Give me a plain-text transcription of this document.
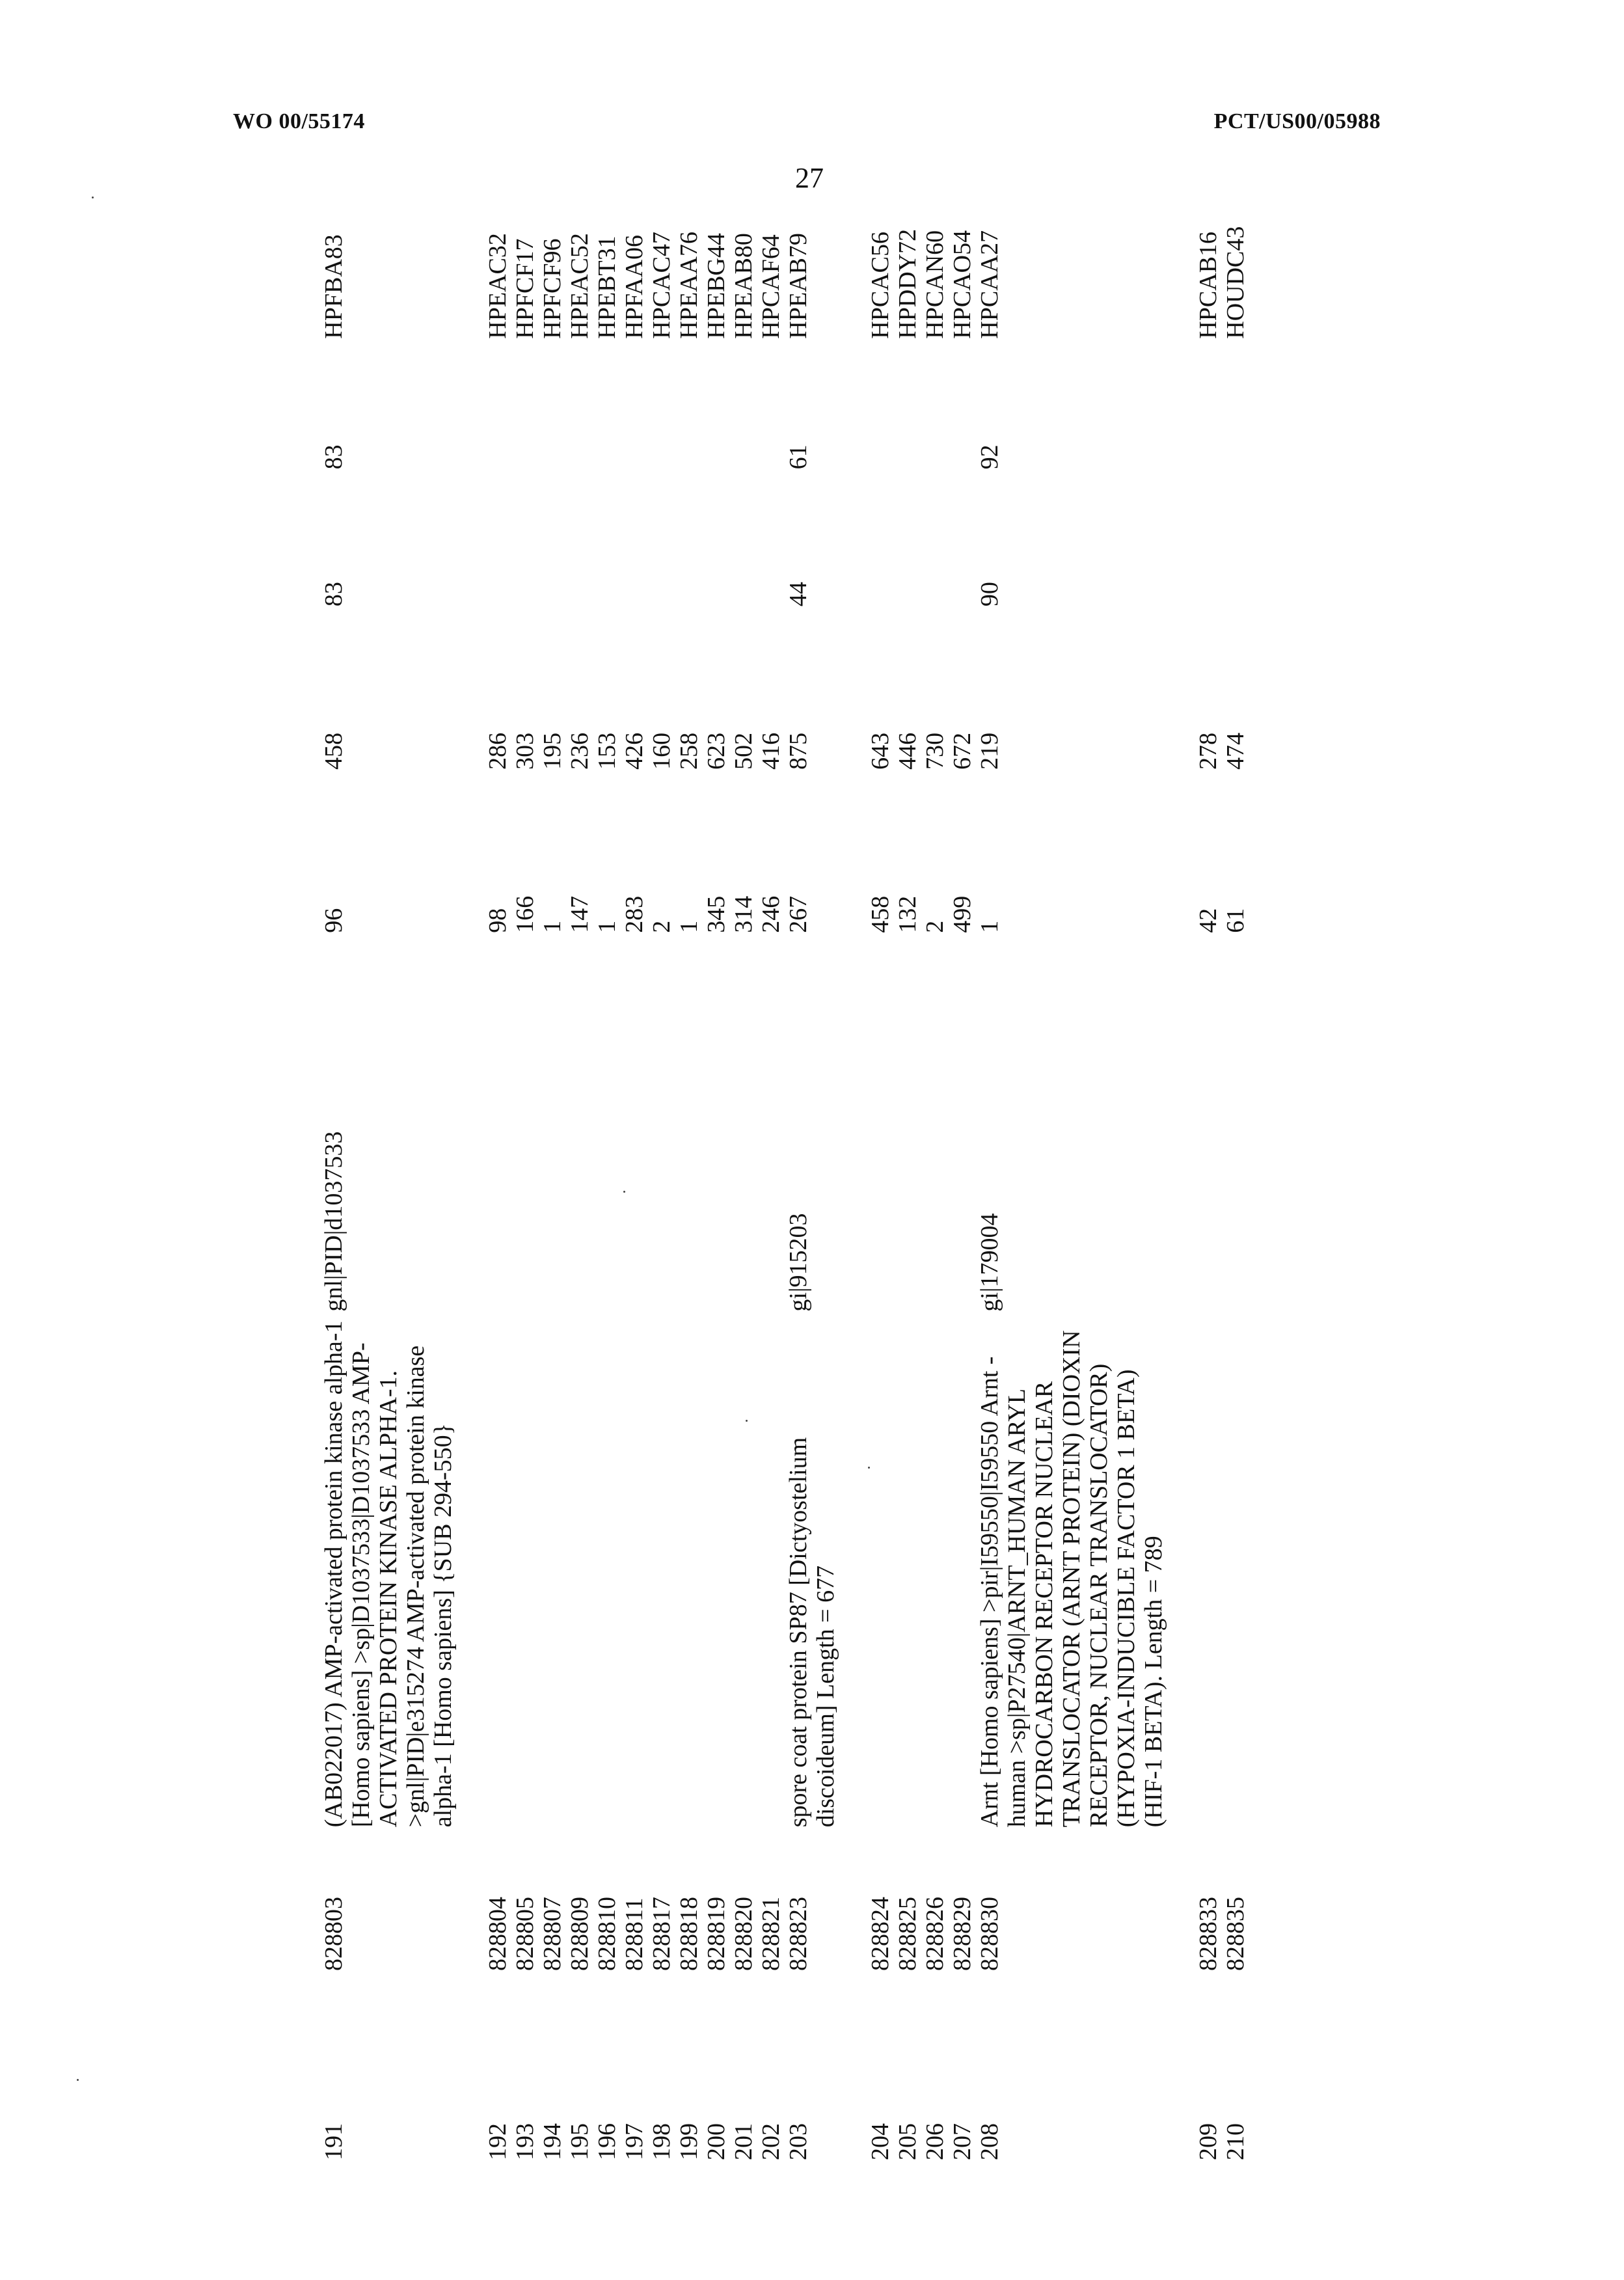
WO 00/55174	PCT/US00/05988
27
191	828803	
(AB022017) AMP-activated protein kinase alpha-1 [Homo sapiens] >sp|D1037533|D1037533 AMP-ACTIVATED PROTEIN KINASE ALPHA-1. >gnl|PID|e315274 AMP-activated protein kinase alpha-1 [Homo sapiens] {SUB 294-550}
gnl|PID|d1037533	96	458	83	83	HPFBA83

192	828804		98	286			HPEAC32
193	828805		166	303			HPFCF17
194	828807		1	195			HPFCF96
195	828809		147	236			HPEAC52
196	828810		1	153			HPEBT31
197	828811		283	426			HPFAA06
198	828817		2	160			HPCAC47
199	828818		1	258			HPEAA76
200	828819		345	623			HPEBG44
201	828820		314	502			HPEAB80
202	828821		246	416			HPCAF64
203	828823	
spore coat protein SP87 [Dictyostelium discoideum] Length = 677
gi|915203	267	875	44	61	HPEAB79

204	828824		458	643			HPCAC56
205	828825		132	446			HPDDY72
206	828826		2	730			HPCAN60
207	828829		499	672			HPCAO54
208	828830	
Arnt [Homo sapiens] >pir|I59550|I59550 Arnt - human >sp|P27540|ARNT_HUMAN ARYL HYDROCARBON RECEPTOR NUCLEAR TRANSLOCATOR (ARNT PROTEIN) (DIOXIN RECEPTOR, NUCLEAR TRANSLOCATOR) (HYPOXIA-INDUCIBLE FACTOR 1 BETA) (HIF-1 BETA). Length = 789
gi|179004	1	219	90	92	HPCAA27

209	828833		42	278			HPCAB16
210	828835		61	474			HOUDC43
